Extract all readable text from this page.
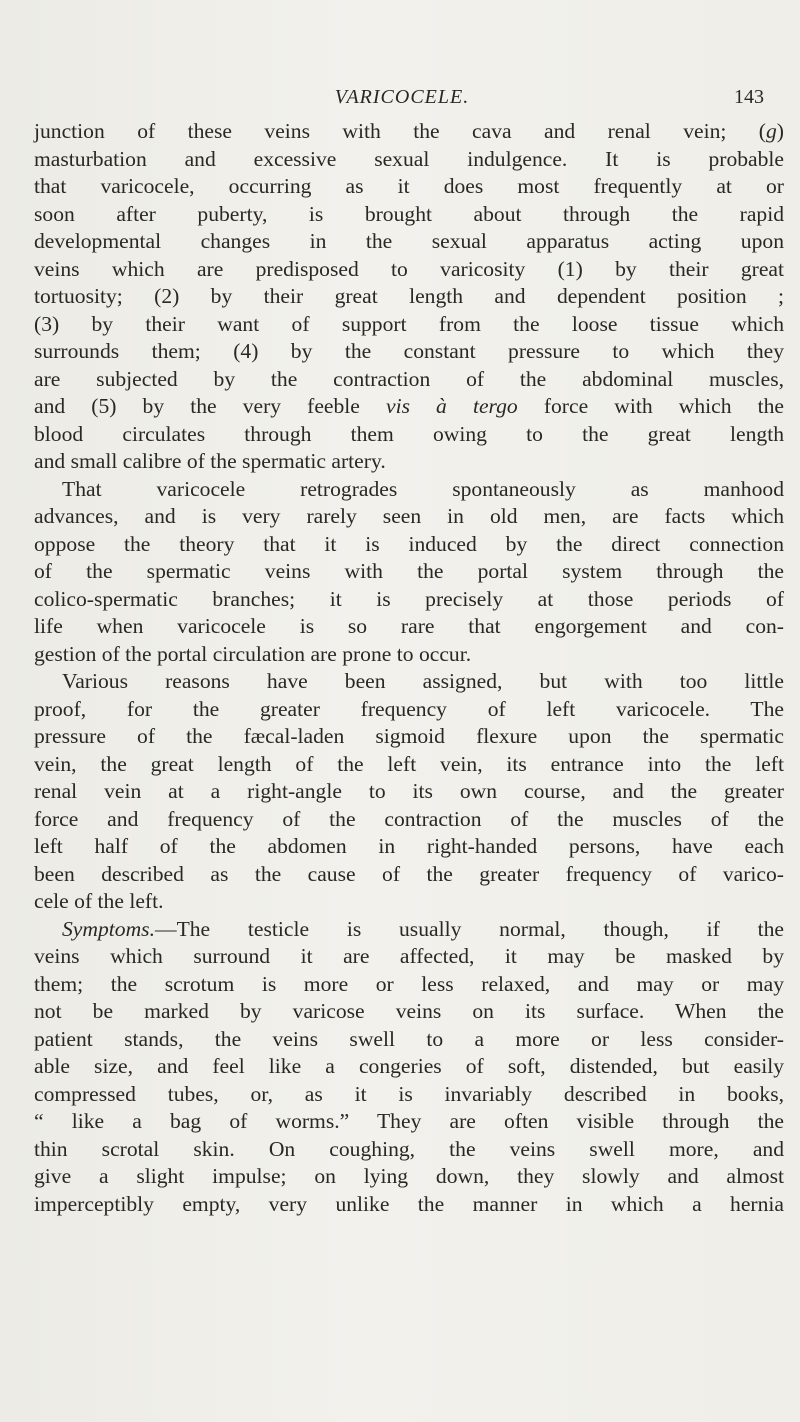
VARICOCELE.	143
junction of these veins with the cava and renal vein; (g)
masturbation and excessive sexual indulgence. It is probable
that varicocele, occurring as it does most frequently at or
soon after puberty, is brought about through the rapid
developmental changes in the sexual apparatus acting upon
veins which are predisposed to varicosity (1) by their great
tortuosity; (2) by their great length and dependent position ;
(3) by their want of support from the loose tissue which
surrounds them; (4) by the constant pressure to which they
are subjected by the contraction of the abdominal muscles,
and (5) by the very feeble vis à tergo force with which the
blood circulates through them owing to the great length
and small calibre of the spermatic artery.
That varicocele retrogrades spontaneously as manhood
advances, and is very rarely seen in old men, are facts which
oppose the theory that it is induced by the direct connection
of the spermatic veins with the portal system through the
colico-spermatic branches; it is precisely at those periods of
life when varicocele is so rare that engorgement and con-
gestion of the portal circulation are prone to occur.
Various reasons have been assigned, but with too little
proof, for the greater frequency of left varicocele. The
pressure of the fæcal-laden sigmoid flexure upon the spermatic
vein, the great length of the left vein, its entrance into the left
renal vein at a right-angle to its own course, and the greater
force and frequency of the contraction of the muscles of the
left half of the abdomen in right-handed persons, have each
been described as the cause of the greater frequency of varico-
cele of the left.
Symptoms.—The testicle is usually normal, though, if the
veins which surround it are affected, it may be masked by
them; the scrotum is more or less relaxed, and may or may
not be marked by varicose veins on its surface. When the
patient stands, the veins swell to a more or less consider-
able size, and feel like a congeries of soft, distended, but easily
compressed tubes, or, as it is invariably described in books,
“ like a bag of worms.” They are often visible through the
thin scrotal skin. On coughing, the veins swell more, and
give a slight impulse; on lying down, they slowly and almost
imperceptibly empty, very unlike the manner in which a hernia
